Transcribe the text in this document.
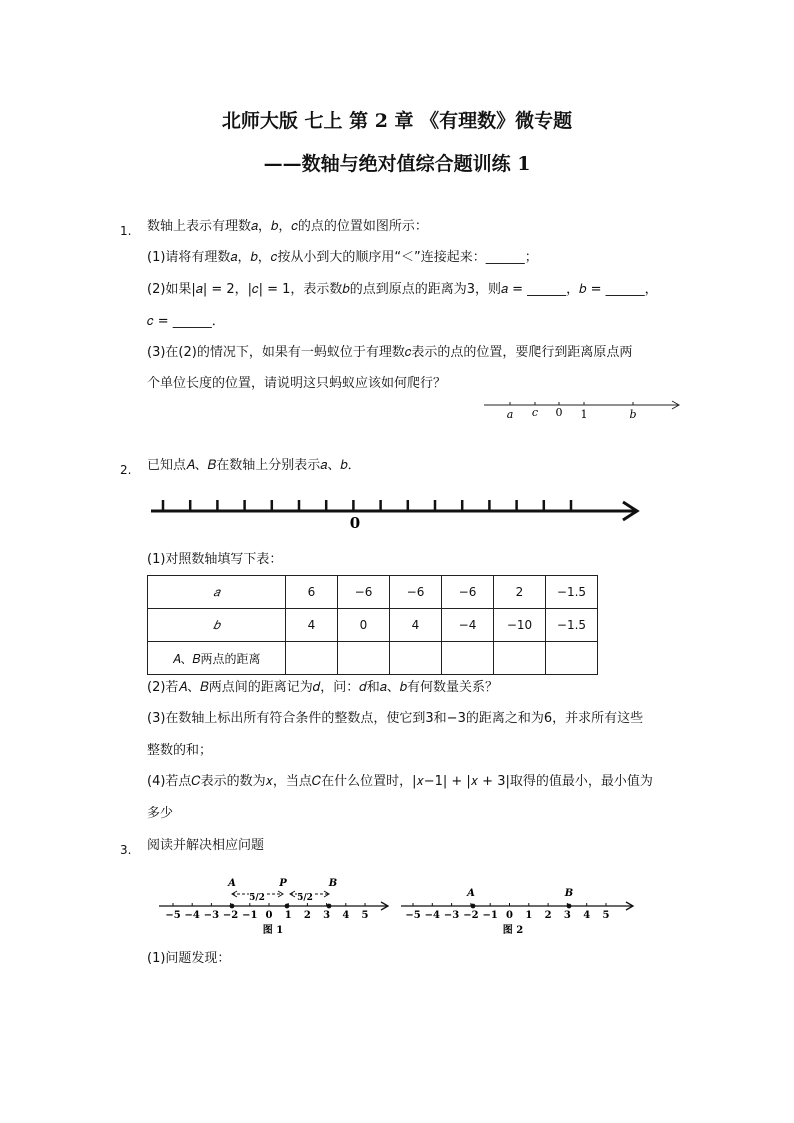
北师大版 七上 第 2 章 《有理数》微专题
——数轴与绝对值综合题训练 1
1. 数轴上表示有理数𝑎，𝑏，𝑐的点的位置如图所示：
(1)请将有理数𝑎，𝑏，𝑐按从小到大的顺序用“＜”连接起来：______；
(2)如果|𝑎| = 2，|𝑐| = 1，表示数𝑏的点到原点的距离为3，则𝑎 = ______，𝑏 = ______，
𝑐 = ______．
(3)在(2)的情况下，如果有一蚂蚁位于有理数𝑐表示的点的位置，要爬行到距离原点两
个单位长度的位置，请说明这只蚂蚁应该如何爬行？
a c 0 1	b
2. 已知点𝐴、𝐵在数轴上分别表示𝑎、𝑏．
0
(1)对照数轴填写下表：
𝑎	6	−6	−6	−6	2	−1.5
𝑏	4	0	4	−4	−10	−1.5
𝐴、𝐵两点的距离						
(2)若𝐴、𝐵两点间的距离记为𝑑，问：𝑑和𝑎、𝑏有何数量关系？
(3)在数轴上标出所有符合条件的整数点，使它到3和−3的距离之和为6，并求所有这些
整数的和；
(4)若点𝐶表示的数为𝑥，当点𝐶在什么位置时，|𝑥−1| + |𝑥 + 3|取得的值最小，最小值为
多少
3. 阅读并解决相应问题
−5 −4 −3 −2 −1 0 1 2 3 4 5
A	P	B
5/2	5/2
图 1
−5 −4 −3 −2 −1 0 1 2 3 4 5
A	B
图 2
(1)问题发现：
